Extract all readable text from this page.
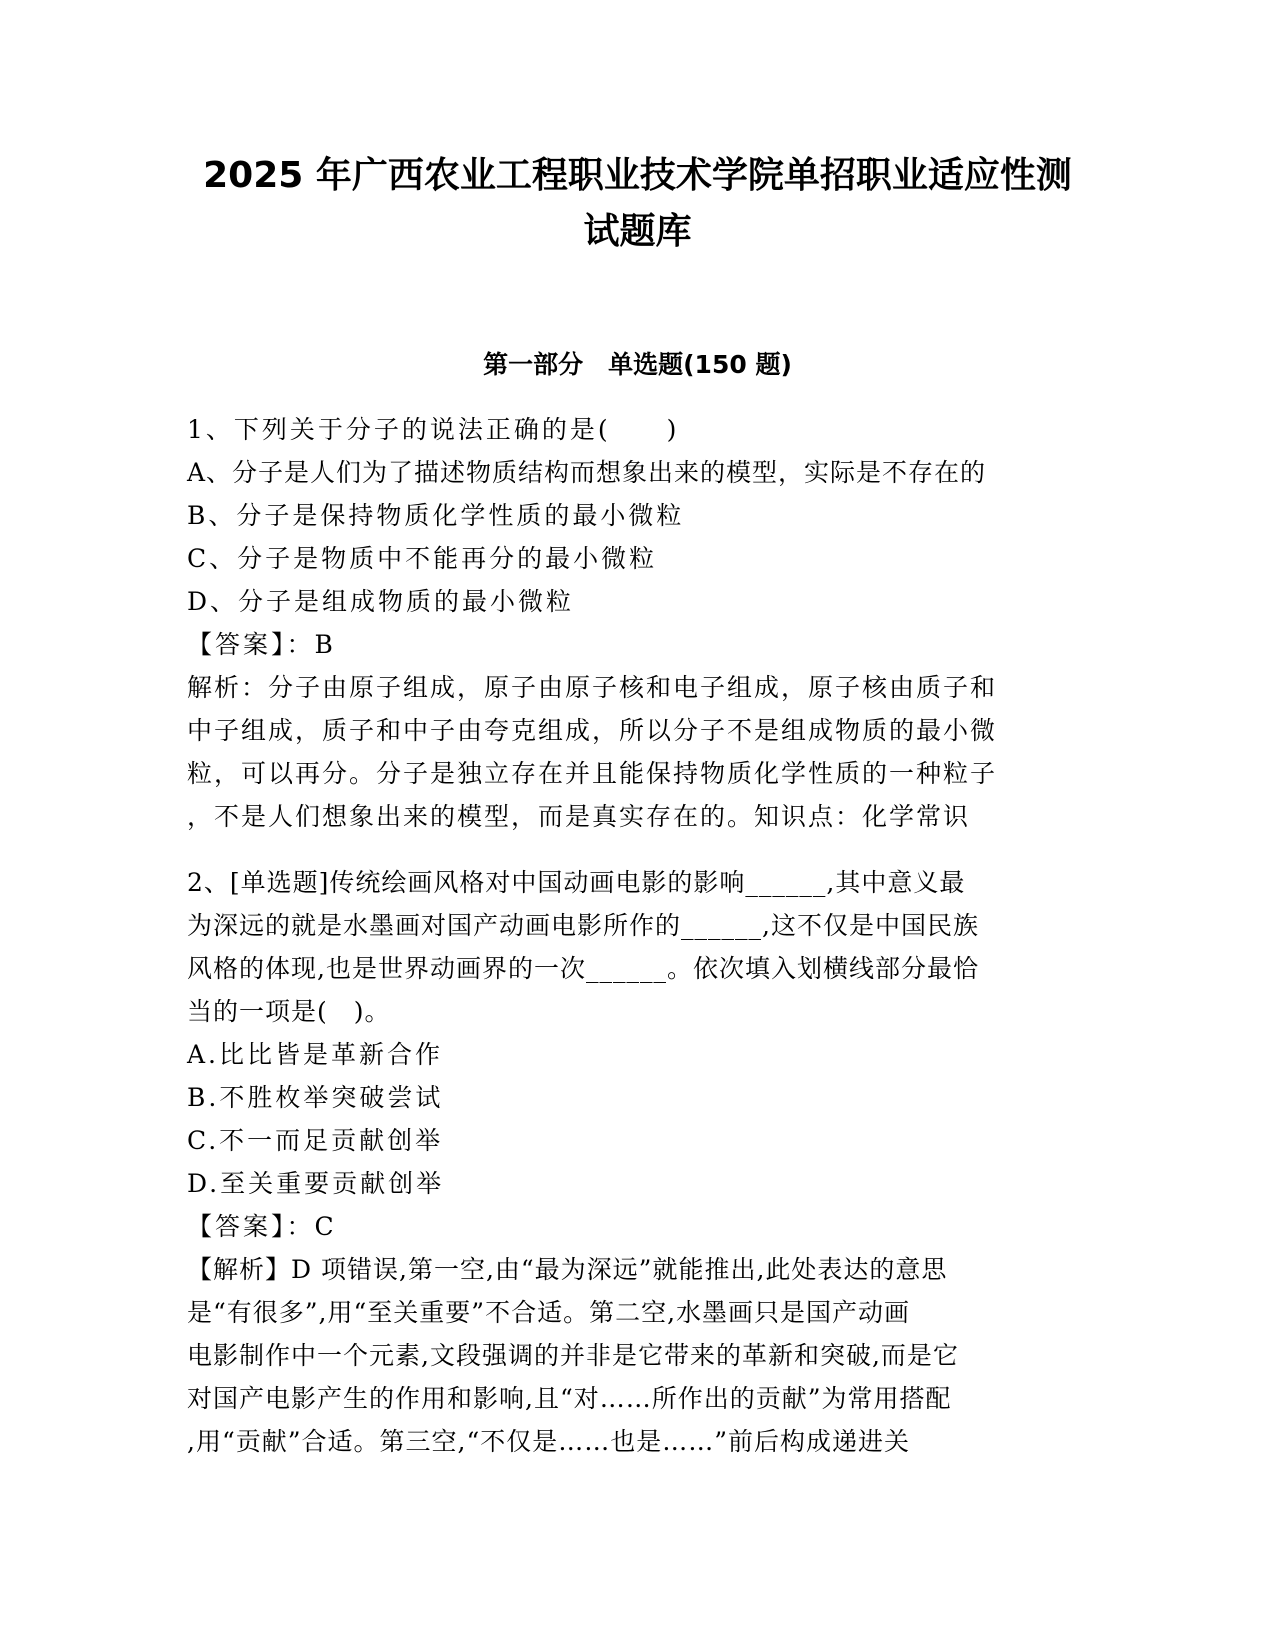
2025 年广西农业工程职业技术学院单招职业适应性测
试题库
第一部分　单选题(150 题)
1、下列关于分子的说法正确的是(　　)
A、分子是人们为了描述物质结构而想象出来的模型，实际是不存在的
B、分子是保持物质化学性质的最小微粒
C、分子是物质中不能再分的最小微粒
D、分子是组成物质的最小微粒
【答案】：B
解析：分子由原子组成，原子由原子核和电子组成，原子核由质子和
中子组成，质子和中子由夸克组成，所以分子不是组成物质的最小微
粒，可以再分。分子是独立存在并且能保持物质化学性质的一种粒子
，不是人们想象出来的模型，而是真实存在的。知识点：化学常识
2、[单选题]传统绘画风格对中国动画电影的影响______,其中意义最
为深远的就是水墨画对国产动画电影所作的______,这不仅是中国民族
风格的体现,也是世界动画界的一次______。依次填入划横线部分最恰
当的一项是(　)。
A.比比皆是革新合作
B.不胜枚举突破尝试
C.不一而足贡献创举
D.至关重要贡献创举
【答案】：C
【解析】D 项错误,第一空,由“最为深远”就能推出,此处表达的意思
是“有很多”,用“至关重要”不合适。第二空,水墨画只是国产动画
电影制作中一个元素,文段强调的并非是它带来的革新和突破,而是它
对国产电影产生的作用和影响,且“对……所作出的贡献”为常用搭配
,用“贡献”合适。第三空,“不仅是……也是……”前后构成递进关
